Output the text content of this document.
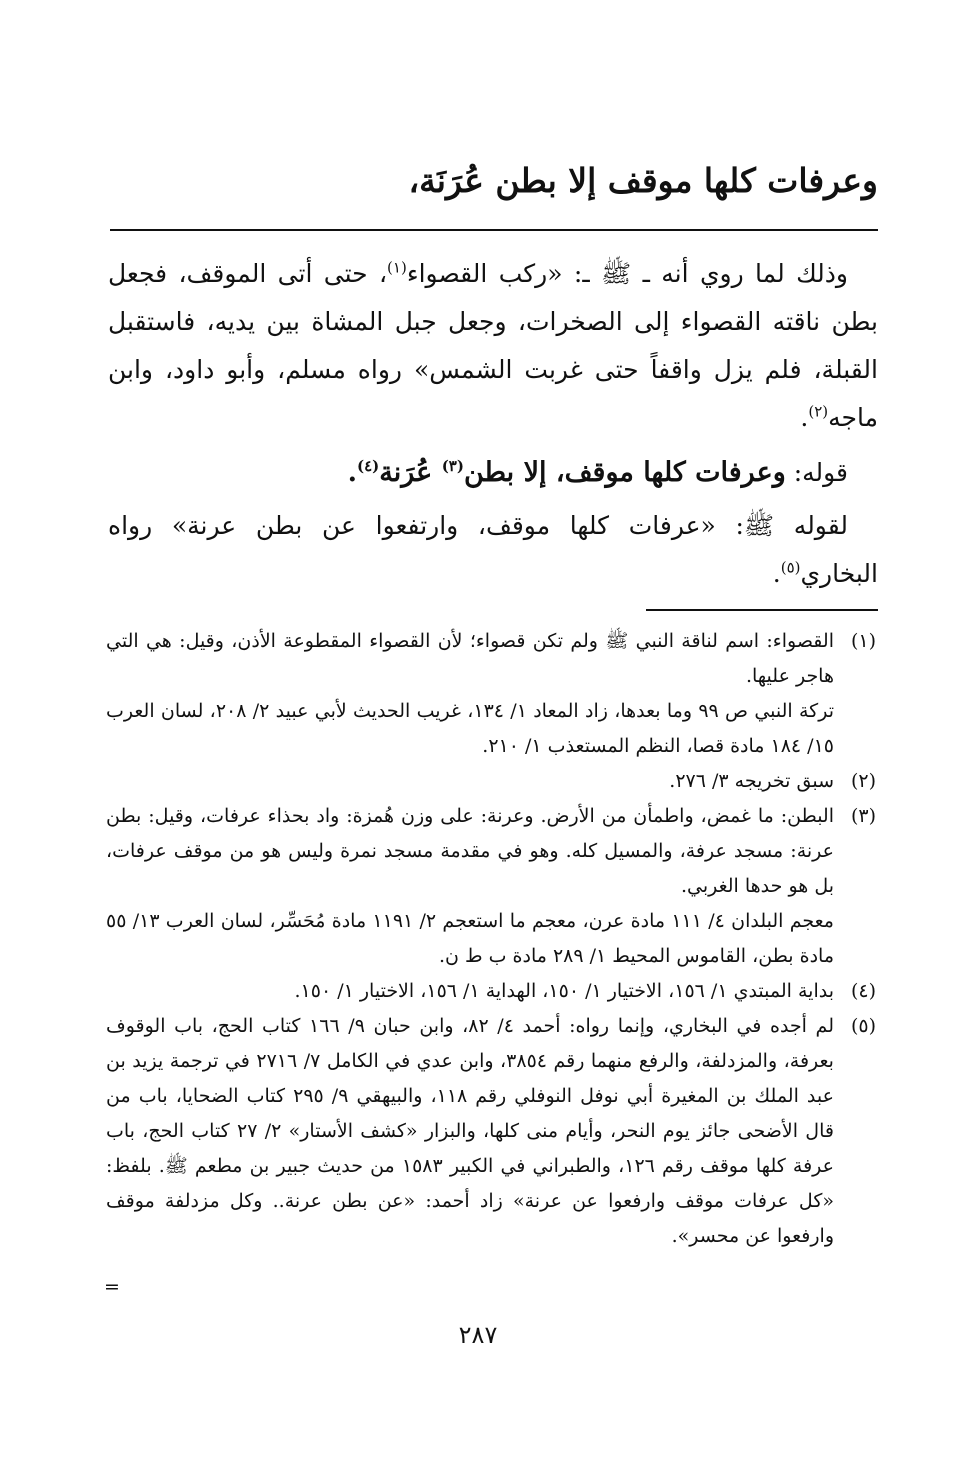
وعرفات كلها موقف إلا بطن عُرَنَة،

وذلك لما روي أنه ـ ﷺ ـ: «ركب القصواء$^{(١)}$، حتى أتى الموقف، فجعل بطن ناقته القصواء إلى الصخرات، وجعل جبل المشاة بين يديه، فاستقبل القبلة، فلم يزل واقفاً حتى غربت الشمس» رواه مسلم، وأبو داود، وابن ماجه$^{(٢)}$.

قوله: وعرفات كلها موقف، إلا بطن$^{(٣)}$ عُرَنة$^{(٤)}$.

لقوله ﷺ: «عرفات كلها موقف، وارتفعوا عن بطن عرنة» رواه البخاري$^{(٥)}$.

(١)

القصواء: اسم لناقة النبي ﷺ ولم تكن قصواء؛ لأن القصواء المقطوعة الأذن، وقيل: هي التي هاجر عليها.

تركة النبي ص ٩٩ وما بعدها، زاد المعاد ١/ ١٣٤، غريب الحديث لأبي عبيد ٢/ ٢٠٨، لسان العرب ١٥/ ١٨٤ مادة قصا، النظم المستعذب ١/ ٢١٠.

(٢)

سبق تخريجه ٣/ ٢٧٦.

(٣)

البطن: ما غمض، واطمأن من الأرض. وعرنة: على وزن هُمزة: واد بحذاء عرفات، وقيل: بطن عرنة: مسجد عرفة، والمسيل كله. وهو في مقدمة مسجد نمرة وليس هو من موقف عرفات، بل هو حدها الغربي.

معجم البلدان ٤/ ١١١ مادة عرن، معجم ما استعجم ٢/ ١١٩١ مادة مُحَسِّر، لسان العرب ١٣/ ٥٥ مادة بطن، القاموس المحيط ١/ ٢٨٩ مادة ب ط ن.

(٤)

بداية المبتدي ١/ ١٥٦، الاختيار ١/ ١٥٠، الهداية ١/ ١٥٦، الاختيار ١/ ١٥٠.

(٥)

لم أجده في البخاري، وإنما رواه: أحمد ٤/ ٨٢، وابن حبان ٩/ ١٦٦ كتاب الحج، باب الوقوف بعرفة، والمزدلفة، والرفع منهما رقم ٣٨٥٤، وابن عدي في الكامل ٧/ ٢٧١٦ في ترجمة يزيد بن عبد الملك بن المغيرة أبي نوفل النوفلي رقم ١١٨، والبيهقي ٩/ ٢٩٥ كتاب الضحايا، باب من قال الأضحى جائز يوم النحر، وأيام منى كلها، والبزار «كشف الأستار» ٢/ ٢٧ كتاب الحج، باب عرفة كلها موقف رقم ١٢٦، والطبراني في الكبير ١٥٨٣ من حديث جبير بن مطعم ﷺ. بلفظ: «كل عرفات موقف وارفعوا عن عرنة» زاد أحمد: «عن بطن عرنة.. وكل مزدلفة موقف وارفعوا عن محسر».

=
٢٨٧
